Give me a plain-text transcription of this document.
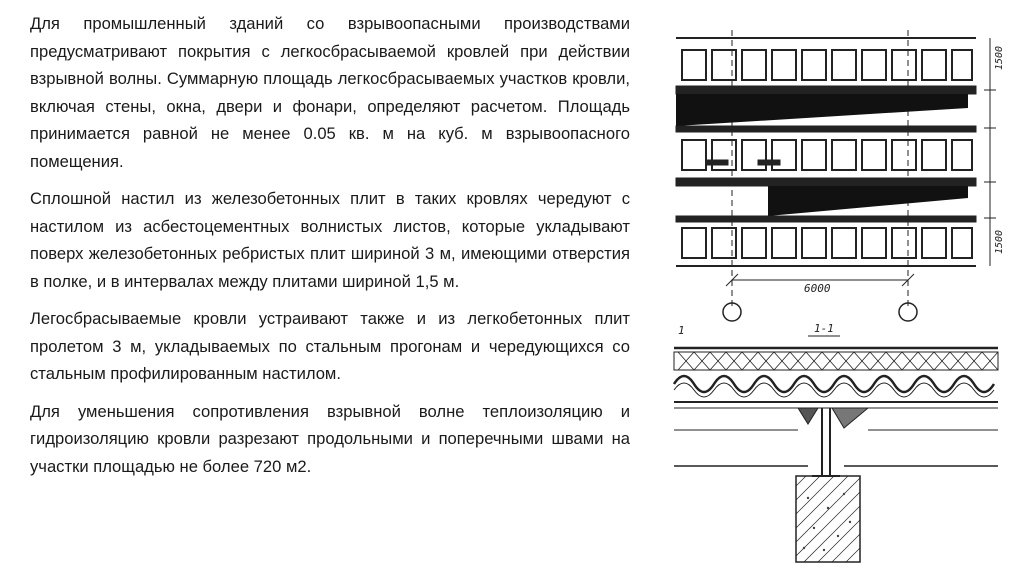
Для промышленный зданий со взрывоопасными производствами предусматривают покрытия с легкосбрасываемой кровлей при действии взрывной волны. Суммарную площадь легкосбрасываемых участков кровли, включая стены, окна, двери и фонари, определяют расчетом. Площадь принимается равной не менее 0.05 кв. м на куб. м взрывоопасного помещения.

Сплошной настил из железобетонных плит в таких кровлях чередуют с настилом из асбестоцементных волнистых листов, которые укладывают поверх железобетонных ребристых плит шириной 3 м, имеющими отверстия в полке, и в интервалах между плитами шириной 1,5 м.

Легосбрасываемые кровли устраивают также и из легкобетонных плит пролетом 3 м, укладываемых по стальным прогонам и чередующихся со стальным профилированным настилом.

Для уменьшения сопротивления взрывной волне теплоизоляцию и гидроизоляцию кровли разрезают продольными и поперечными швами на участки площадью не более 720 м2.

1500
1500
6000
1	1-1
